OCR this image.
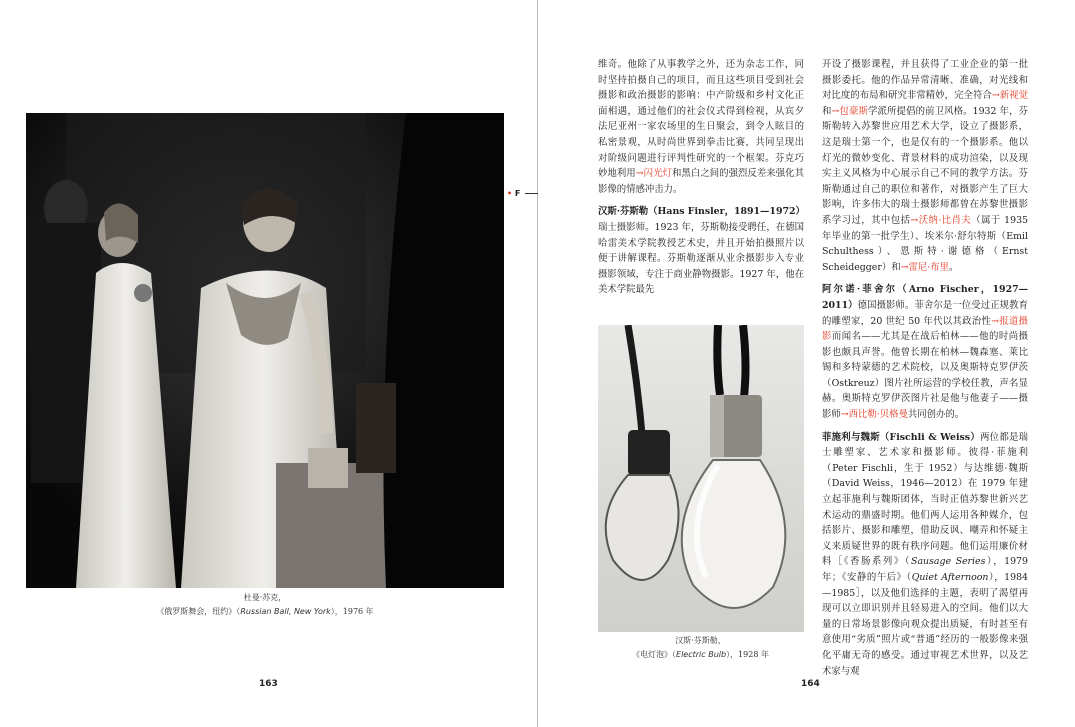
杜曼·苏克，
《俄罗斯舞会，纽约》（Russian Ball, New York），1976 年
163
• F

维奇。他除了从事教学之外，还为杂志工作，同时坚持拍摄自己的项目，而且这些项目受到社会摄影和政治摄影的影响：中产阶级和乡村文化正面相遇，通过他们的社会仪式得到检视，从宾夕法尼亚州一家农场里的生日聚会，到令人眩目的私密景观，从时尚世界到拳击比赛，共同呈现出对阶级问题进行评判性研究的一个框架。芬克巧妙地利用→闪光灯和黑白之间的强烈反差来强化其影像的情感冲击力。

汉斯·芬斯勒（Hans Finsler，1891—1972）瑞士摄影师。1923 年，芬斯勒接受聘任，在德国哈雷美术学院教授艺术史，并且开始拍摄照片以便于讲解课程。芬斯勒逐渐从业余摄影步入专业摄影领域，专注于商业静物摄影。1927 年，他在美术学院最先

汉斯·芬斯勒，
《电灯泡》（Electric Bulb），1928 年

开设了摄影课程，并且获得了工业企业的第一批摄影委托。他的作品异常清晰、准确，对光线和对比度的布局和研究非常精妙，完全符合→新视觉和→包豪斯学派所提倡的前卫风格。1932 年，芬斯勒转入苏黎世应用艺术大学，设立了摄影系，这是瑞士第一个，也是仅有的一个摄影系。他以灯光的微妙变化、背景材料的成功渲染，以及现实主义风格为中心展示自己不同的教学方法。芬斯勒通过自己的职位和著作，对摄影产生了巨大影响，许多伟大的瑞士摄影师都曾在苏黎世摄影系学习过，其中包括→沃纳·比肖夫（属于 1935 年毕业的第一批学生）、埃米尔·舒尔特斯（Emil Schulthess）、恩斯特·谢德格（Ernst Scheidegger）和→雷尼·布里。

阿尔诺·菲舍尔（Arno Fischer，1927—2011）德国摄影师。菲舍尔是一位受过正规教育的雕塑家，20 世纪 50 年代以其政治性→报道摄影而闻名——尤其是在战后柏林——他的时尚摄影也颇具声誉。他曾长期在柏林—魏森塞、莱比锡和多特蒙德的艺术院校，以及奥斯特克罗伊茨（Ostkreuz）图片社所运营的学校任教，声名显赫。奥斯特克罗伊茨图片社是他与他妻子——摄影师→西比勒·贝格曼共同创办的。

菲施利与魏斯（Fischli & Weiss）两位都是瑞士雕塑家、艺术家和摄影师。彼得·菲施利（Peter Fischli，生于 1952）与达维德·魏斯（David Weiss，1946—2012）在 1979 年建立起菲施利与魏斯团体，当时正值苏黎世新兴艺术运动的鼎盛时期。他们两人运用各种媒介，包括影片、摄影和雕塑，借助反讽、嘲弄和怀疑主义来质疑世界的既有秩序问题。他们运用廉价材料［《香肠系列》（Sausage Series），1979 年；《安静的午后》（Quiet Afternoon），1984—1985］，以及他们选择的主题，表明了渴望再现可以立即识别并且轻易进入的空间。他们以大量的日常场景影像向观众提出质疑，有时甚至有意使用“劣质”照片或“普通”经历的一般影像来强化平庸无奇的感受。通过审视艺术世界，以及艺术家与观

164
